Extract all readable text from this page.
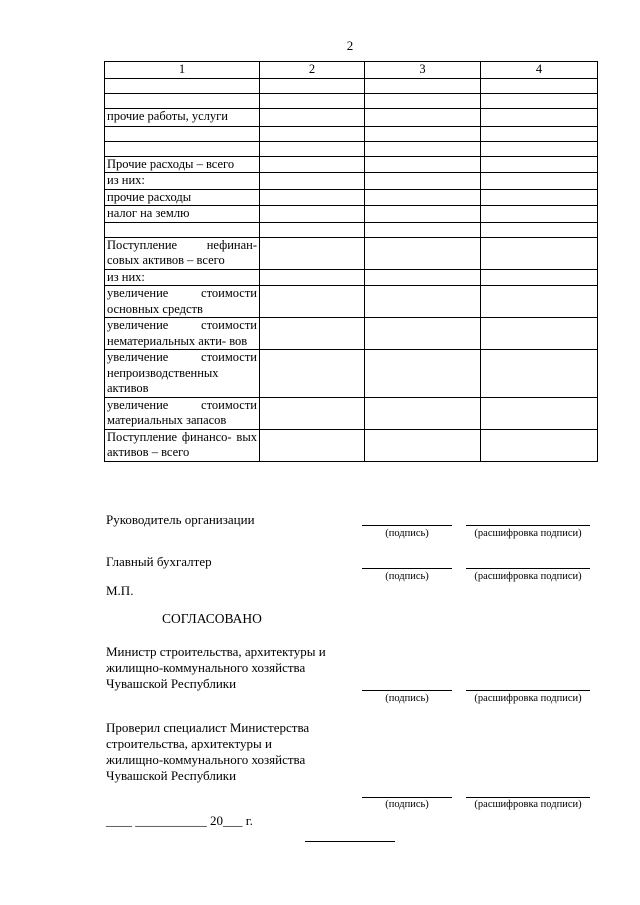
2
1	2	3	4

прочие работы, услуги			

Прочие расходы – всего			
из них:			
прочие расходы			
налог на землю			

Поступление нефинан- совых активов – всего			
из них:			
увеличение стоимости основных средств			
увеличение стоимости нематериальных акти- вов			
увеличение стоимости непроизводственных активов			
увеличение стоимости материальных запасов			
Поступление финансо- вых активов – всего			
Руководитель организации
(подпись)	(расшифровка подписи)
Главный бухгалтер
(подпись)	(расшифровка подписи)
М.П.
СОГЛАСОВАНО
Министр строительства, архитектуры и жилищно-коммунального хозяйства Чувашской Республики
(подпись)	(расшифровка подписи)
Проверил специалист Министерства строительства, архитектуры и жилищно-коммунального хозяйства Чувашской Республики
(подпись)	(расшифровка подписи)
____ ___________ 20___ г.
